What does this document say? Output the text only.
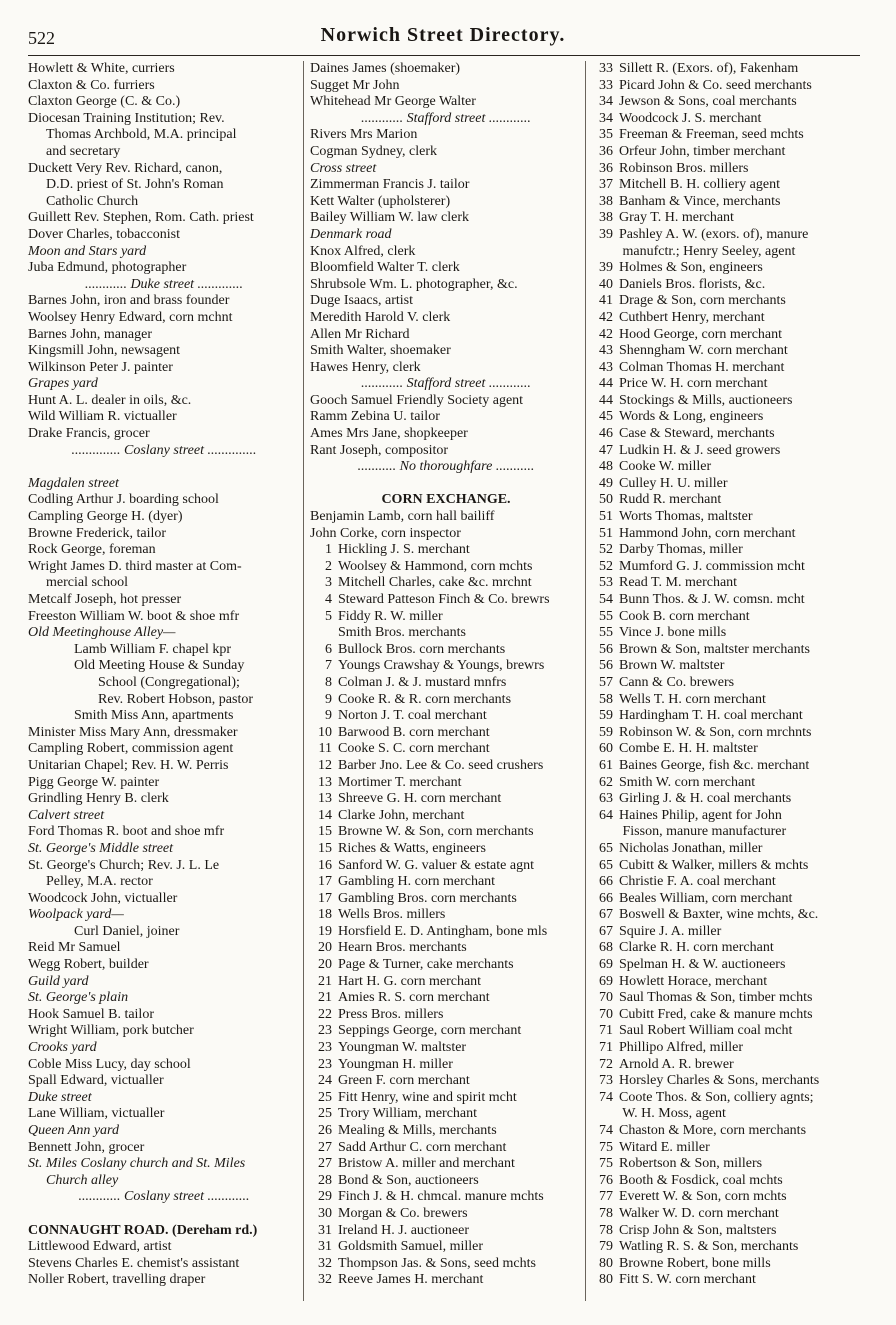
522	Norwich Street Directory.
Howlett & White, curriers
Claxton & Co. furriers
Claxton George (C. & Co.)
Diocesan Training Institution; Rev.
Thomas Archbold, M.A. principal
and secretary
Duckett Very Rev. Richard, canon,
D.D. priest of St. John's Roman
Catholic Church
Guillett Rev. Stephen, Rom. Cath. priest
Dover Charles, tobacconist
Moon and Stars yard
Juba Edmund, photographer
............ Duke street .............
Barnes John, iron and brass founder
Woolsey Henry Edward, corn mchnt
Barnes John, manager
Kingsmill John, newsagent
Wilkinson Peter J. painter
Grapes yard
Hunt A. L. dealer in oils, &c.
Wild William R. victualler
Drake Francis, grocer
.............. Coslany street ..............
Magdalen street
Codling Arthur J. boarding school
Campling George H. (dyer)
Browne Frederick, tailor
Rock George, foreman
Wright James D. third master at Com-
mercial school
Metcalf Joseph, hot presser
Freeston William W. boot & shoe mfr
Old Meetinghouse Alley—
Lamb William F. chapel kpr
Old Meeting House & Sunday
School (Congregational);
Rev. Robert Hobson, pastor
Smith Miss Ann, apartments
Minister Miss Mary Ann, dressmaker
Campling Robert, commission agent
Unitarian Chapel; Rev. H. W. Perris
Pigg George W. painter
Grindling Henry B. clerk
Calvert street
Ford Thomas R. boot and shoe mfr
St. George's Middle street
St. George's Church; Rev. J. L. Le
Pelley, M.A. rector
Woodcock John, victualler
Woolpack yard—
Curl Daniel, joiner
Reid Mr Samuel
Wegg Robert, builder
Guild yard
St. George's plain
Hook Samuel B. tailor
Wright William, pork butcher
Crooks yard
Coble Miss Lucy, day school
Spall Edward, victualler
Duke street
Lane William, victualler
Queen Ann yard
Bennett John, grocer
St. Miles Coslany church and St. Miles
Church alley
............ Coslany street ............
CONNAUGHT ROAD. (Dereham rd.)
Littlewood Edward, artist
Stevens Charles E. chemist's assistant
Noller Robert, travelling draper
Daines James (shoemaker)
Sugget Mr John
Whitehead Mr George Walter
............ Stafford street ............
Rivers Mrs Marion
Cogman Sydney, clerk
Cross street
Zimmerman Francis J. tailor
Kett Walter (upholsterer)
Bailey William W. law clerk
Denmark road
Knox Alfred, clerk
Bloomfield Walter T. clerk
Shrubsole Wm. L. photographer, &c.
Duge Isaacs, artist
Meredith Harold V. clerk
Allen Mr Richard
Smith Walter, shoemaker
Hawes Henry, clerk
............ Stafford street ............
Gooch Samuel Friendly Society agent
Ramm Zebina U. tailor
Ames Mrs Jane, shopkeeper
Rant Joseph, compositor
........... No thoroughfare ...........
CORN EXCHANGE.
Benjamin Lamb, corn hall bailiff
John Corke, corn inspector
1 Hickling J. S. merchant
2 Woolsey & Hammond, corn mchts
3 Mitchell Charles, cake &c. mrchnt
4 Steward Patteson Finch & Co. brewrs
5 Fiddy R. W. miller
Smith Bros. merchants
6 Bullock Bros. corn merchants
7 Youngs Crawshay & Youngs, brewrs
8 Colman J. & J. mustard mnfrs
9 Cooke R. & R. corn merchants
9 Norton J. T. coal merchant
10 Barwood B. corn merchant
11 Cooke S. C. corn merchant
12 Barber Jno. Lee & Co. seed crushers
13 Mortimer T. merchant
13 Shreeve G. H. corn merchant
14 Clarke John, merchant
15 Browne W. & Son, corn merchants
15 Riches & Watts, engineers
16 Sanford W. G. valuer & estate agnt
17 Gambling H. corn merchant
17 Gambling Bros. corn merchants
18 Wells Bros. millers
19 Horsfield E. D. Antingham, bone mls
20 Hearn Bros. merchants
20 Page & Turner, cake merchants
21 Hart H. G. corn merchant
21 Amies R. S. corn merchant
22 Press Bros. millers
23 Seppings George, corn merchant
23 Youngman W. maltster
23 Youngman H. miller
24 Green F. corn merchant
25 Fitt Henry, wine and spirit mcht
25 Trory William, merchant
26 Mealing & Mills, merchants
27 Sadd Arthur C. corn merchant
27 Bristow A. miller and merchant
28 Bond & Son, auctioneers
29 Finch J. & H. chmcal. manure mchts
30 Morgan & Co. brewers
31 Ireland H. J. auctioneer
31 Goldsmith Samuel, miller
32 Thompson Jas. & Sons, seed mchts
32 Reeve James H. merchant
33 Sillett R. (Exors. of), Fakenham
33 Picard John & Co. seed merchants
34 Jewson & Sons, coal merchants
34 Woodcock J. S. merchant
35 Freeman & Freeman, seed mchts
36 Orfeur John, timber merchant
36 Robinson Bros. millers
37 Mitchell B. H. colliery agent
38 Banham & Vince, merchants
38 Gray T. H. merchant
39 Pashley A. W. (exors. of), manure
manufctr.; Henry Seeley, agent
39 Holmes & Son, engineers
40 Daniels Bros. florists, &c.
41 Drage & Son, corn merchants
42 Cuthbert Henry, merchant
42 Hood George, corn merchant
43 Shenngham W. corn merchant
43 Colman Thomas H. merchant
44 Price W. H. corn merchant
44 Stockings & Mills, auctioneers
45 Words & Long, engineers
46 Case & Steward, merchants
47 Ludkin H. & J. seed growers
48 Cooke W. miller
49 Culley H. U. miller
50 Rudd R. merchant
51 Worts Thomas, maltster
51 Hammond John, corn merchant
52 Darby Thomas, miller
52 Mumford G. J. commission mcht
53 Read T. M. merchant
54 Bunn Thos. & J. W. comsn. mcht
55 Cook B. corn merchant
55 Vince J. bone mills
56 Brown & Son, maltster merchants
56 Brown W. maltster
57 Cann & Co. brewers
58 Wells T. H. corn merchant
59 Hardingham T. H. coal merchant
59 Robinson W. & Son, corn mrchnts
60 Combe E. H. H. maltster
61 Baines George, fish &c. merchant
62 Smith W. corn merchant
63 Girling J. & H. coal merchants
64 Haines Philip, agent for John
Fisson, manure manufacturer
65 Nicholas Jonathan, miller
65 Cubitt & Walker, millers & mchts
66 Christie F. A. coal merchant
66 Beales William, corn merchant
67 Boswell & Baxter, wine mchts, &c.
67 Squire J. A. miller
68 Clarke R. H. corn merchant
69 Spelman H. & W. auctioneers
69 Howlett Horace, merchant
70 Saul Thomas & Son, timber mchts
70 Cubitt Fred, cake & manure mchts
71 Saul Robert William coal mcht
71 Phillipo Alfred, miller
72 Arnold A. R. brewer
73 Horsley Charles & Sons, merchants
74 Coote Thos. & Son, colliery agnts;
W. H. Moss, agent
74 Chaston & More, corn merchants
75 Witard E. miller
75 Robertson & Son, millers
76 Booth & Fosdick, coal mchts
77 Everett W. & Son, corn mchts
78 Walker W. D. corn merchant
78 Crisp John & Son, maltsters
79 Watling R. S. & Son, merchants
80 Browne Robert, bone mills
80 Fitt S. W. corn merchant
